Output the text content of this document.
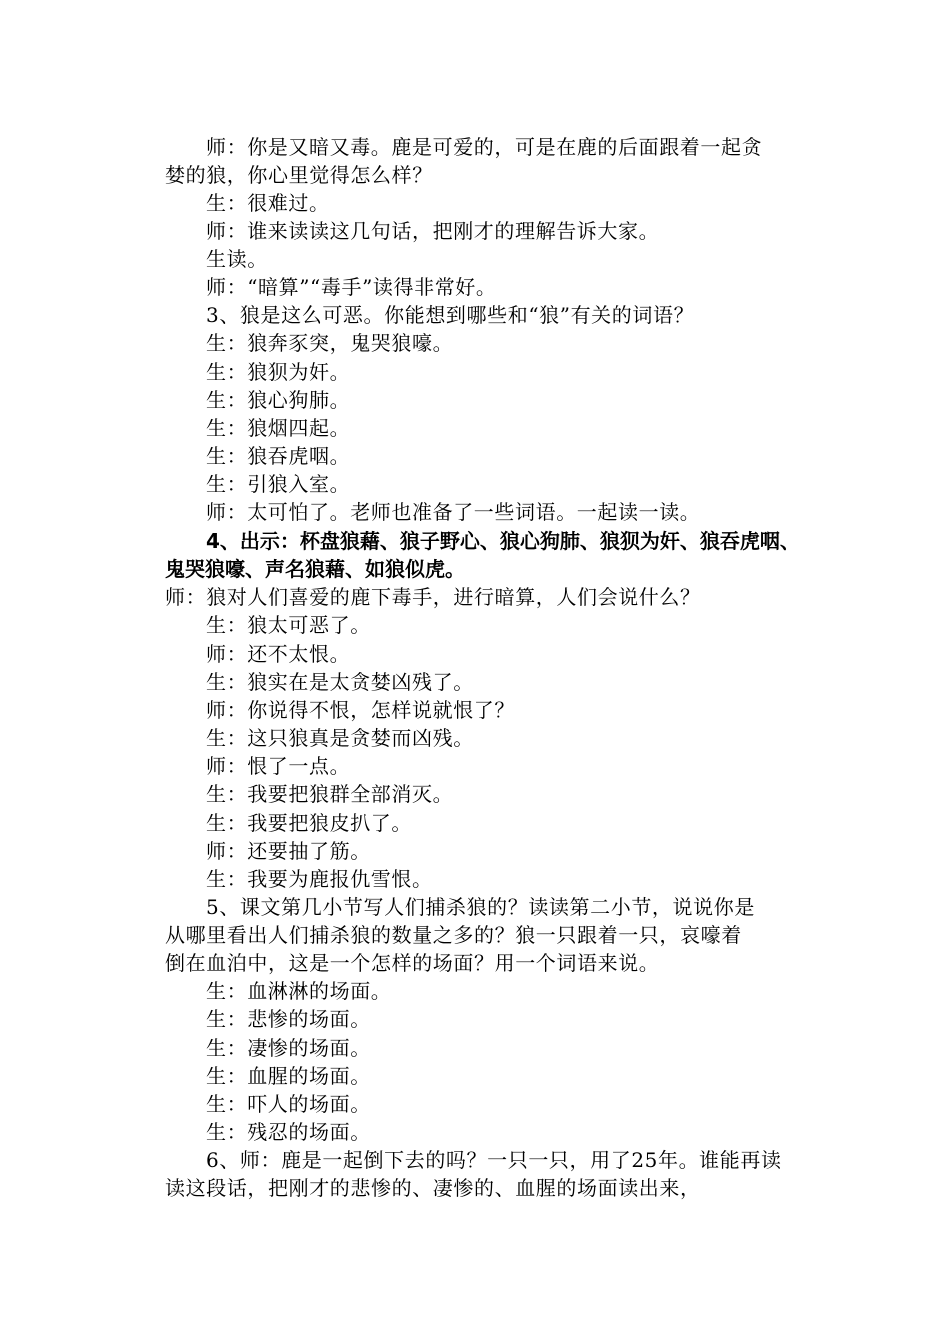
师：你是又暗又毒。鹿是可爱的，可是在鹿的后面跟着一起贪
婪的狼，你心里觉得怎么样？
生：很难过。
师：谁来读读这几句话，把刚才的理解告诉大家。
生读。
师：“暗算”“毒手”读得非常好。
3、狼是这么可恶。你能想到哪些和“狼”有关的词语？
生：狼奔豕突，鬼哭狼嚎。
生：狼狈为奸。
生：狼心狗肺。
生：狼烟四起。
生：狼吞虎咽。
生：引狼入室。
师：太可怕了。老师也准备了一些词语。一起读一读。
4、出示：杯盘狼藉、狼子野心、狼心狗肺、狼狈为奸、狼吞虎咽、
鬼哭狼嚎、声名狼藉、如狼似虎。
师：狼对人们喜爱的鹿下毒手，进行暗算，人们会说什么？
生：狼太可恶了。
师：还不太恨。
生：狼实在是太贪婪凶残了。
师：你说得不恨，怎样说就恨了？
生：这只狼真是贪婪而凶残。
师：恨了一点。
生：我要把狼群全部消灭。
生：我要把狼皮扒了。
师：还要抽了筋。
生：我要为鹿报仇雪恨。
5、课文第几小节写人们捕杀狼的？读读第二小节，说说你是
从哪里看出人们捕杀狼的数量之多的？狼一只跟着一只，哀嚎着
倒在血泊中，这是一个怎样的场面？用一个词语来说。
生：血淋淋的场面。
生：悲惨的场面。
生：凄惨的场面。
生：血腥的场面。
生：吓人的场面。
生：残忍的场面。
6、师：鹿是一起倒下去的吗？一只一只，用了25年。谁能再读
读这段话，把刚才的悲惨的、凄惨的、血腥的场面读出来，
